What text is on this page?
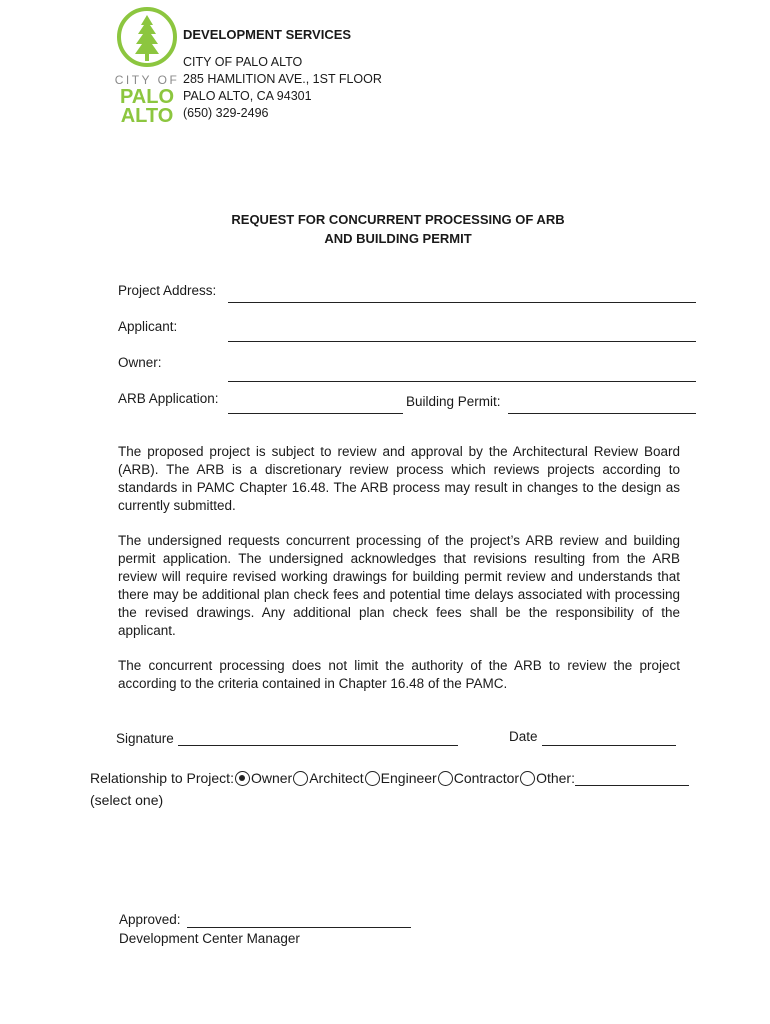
CITY OF
PALO
ALTO
DEVELOPMENT SERVICES
CITY OF PALO ALTO
285 HAMLITION AVE., 1ST FLOOR
PALO ALTO, CA 94301
(650) 329-2496
REQUEST FOR CONCURRENT PROCESSING OF ARB
AND BUILDING PERMIT
Project Address:
Applicant:
Owner:
ARB Application:	Building Permit:
The proposed project is subject to review and approval by the Architectural Review Board (ARB). The ARB is a discretionary review process which reviews projects according to standards in PAMC Chapter 16.48. The ARB process may result in changes to the design as currently submitted.
The undersigned requests concurrent processing of the project’s ARB review and building permit application. The undersigned acknowledges that revisions resulting from the ARB review will require revised working drawings for building permit review and understands that there may be additional plan check fees and potential time delays associated with processing the revised drawings. Any additional plan check fees shall be the responsibility of the applicant.
The concurrent processing does not limit the authority of the ARB to review the project according to the criteria contained in Chapter 16.48 of the PAMC.
Signature	Date
Relationship to Project: Owner Architect Engineer Contractor Other:
(select one)
Approved:
Development Center Manager
